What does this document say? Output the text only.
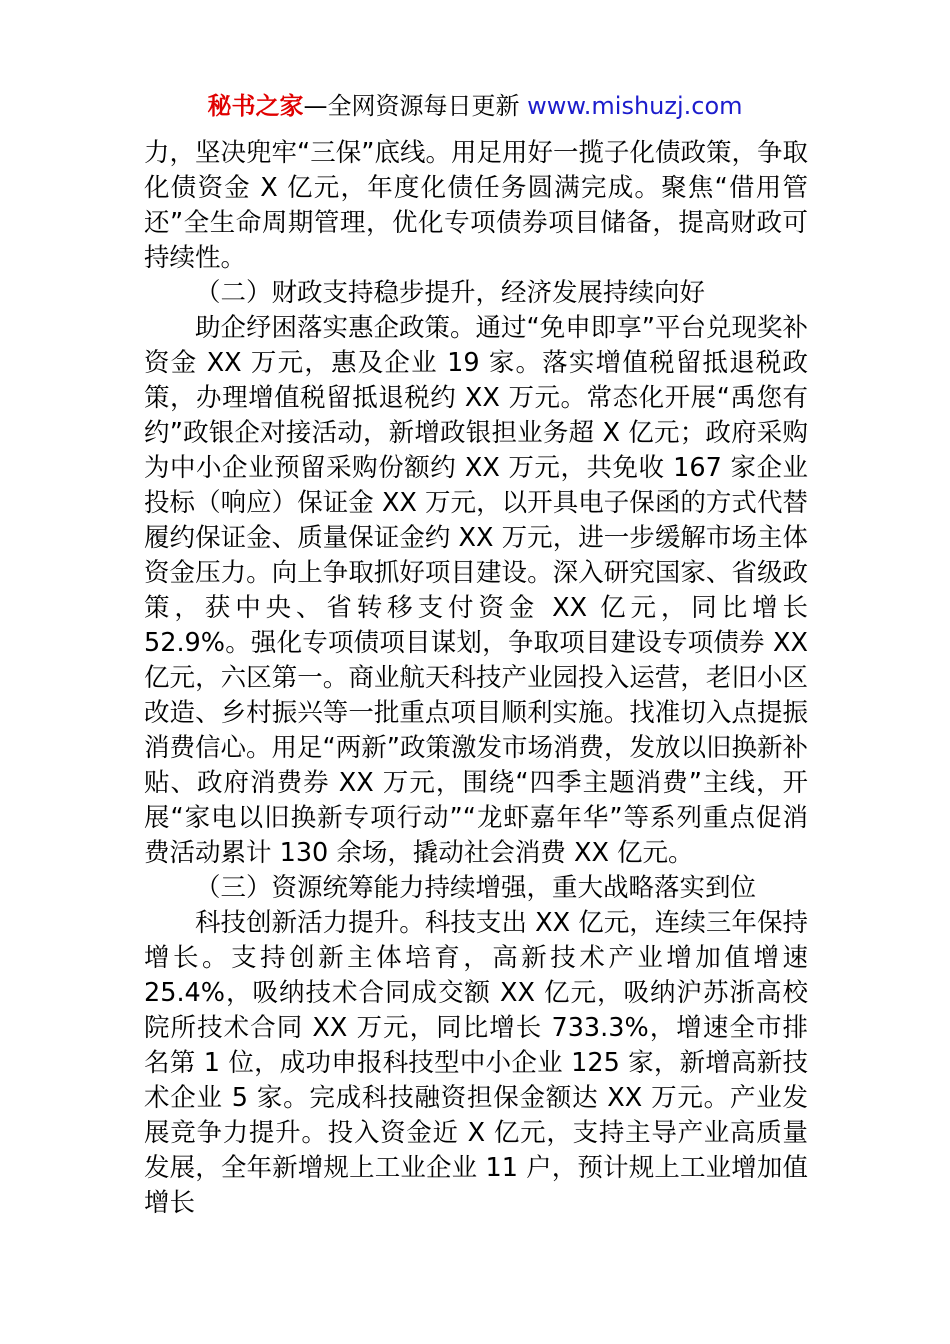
秘书之家—全网资源每日更新 www.mishuzj.com

力，坚决兜牢“三保”底线。用足用好一揽子化债政策，争取化债资金 X 亿元，年度化债任务圆满完成。聚焦“借用管还”全生命周期管理，优化专项债券项目储备，提高财政可持续性。

（二）财政支持稳步提升，经济发展持续向好

助企纾困落实惠企政策。通过“免申即享”平台兑现奖补资金 XX 万元，惠及企业 19 家。落实增值税留抵退税政策，办理增值税留抵退税约 XX 万元。常态化开展“禹您有约”政银企对接活动，新增政银担业务超 X 亿元；政府采购为中小企业预留采购份额约 XX 万元，共免收 167 家企业投标（响应）保证金 XX 万元，以开具电子保函的方式代替履约保证金、质量保证金约 XX 万元，进一步缓解市场主体资金压力。向上争取抓好项目建设。深入研究国家、省级政策，获中央、省转移支付资金 XX 亿元，同比增长 52.9%。强化专项债项目谋划，争取项目建设专项债券 XX 亿元，六区第一。商业航天科技产业园投入运营，老旧小区改造、乡村振兴等一批重点项目顺利实施。找准切入点提振消费信心。用足“两新”政策激发市场消费，发放以旧换新补贴、政府消费券 XX 万元，围绕“四季主题消费”主线，开展“家电以旧换新专项行动”“龙虾嘉年华”等系列重点促消费活动累计 130 余场，撬动社会消费 XX 亿元。

（三）资源统筹能力持续增强，重大战略落实到位

科技创新活力提升。科技支出 XX 亿元，连续三年保持增长。支持创新主体培育，高新技术产业增加值增速 25.4%，吸纳技术合同成交额 XX 亿元，吸纳沪苏浙高校院所技术合同 XX 万元，同比增长 733.3%，增速全市排名第 1 位，成功申报科技型中小企业 125 家，新增高新技术企业 5 家。完成科技融资担保金额达 XX 万元。产业发展竞争力提升。投入资金近 X 亿元，支持主导产业高质量发展，全年新增规上工业企业 11 户，预计规上工业增加值增长
